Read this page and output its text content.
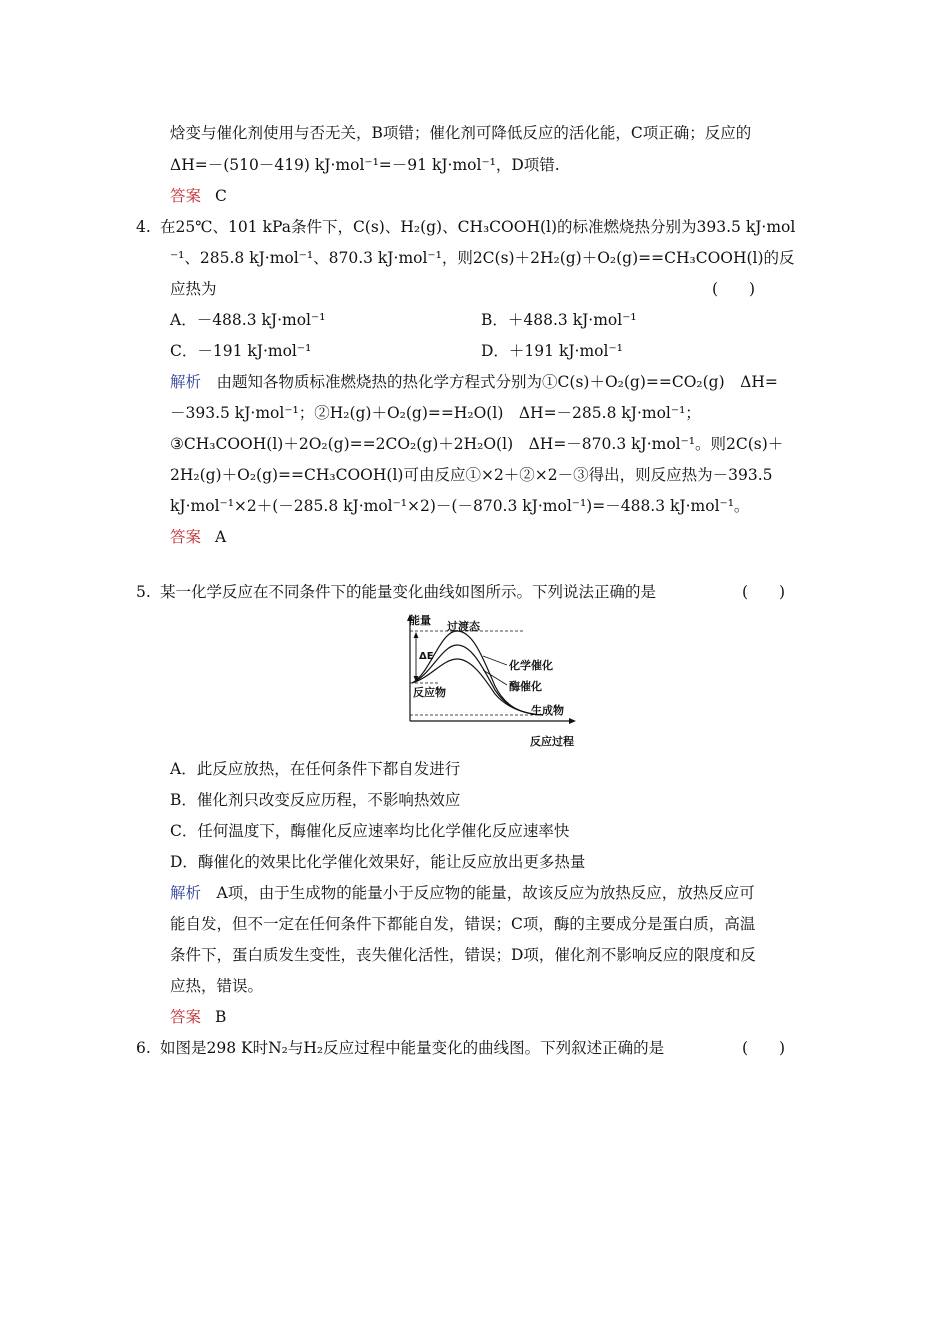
焓变与催化剂使用与否无关，B项错；催化剂可降低反应的活化能，C项正确；反应的
ΔH=－(510－419) kJ·mol⁻¹=－91 kJ·mol⁻¹，D项错.
答案 C
4. 在25℃、101 kPa条件下，C(s)、H₂(g)、CH₃COOH(l)的标准燃烧热分别为393.5 kJ·mol
⁻¹、285.8 kJ·mol⁻¹、870.3 kJ·mol⁻¹，则2C(s)＋2H₂(g)＋O₂(g)==CH₃COOH(l)的反
应热为	(　　)
A．－488.3 kJ·mol⁻¹	B．＋488.3 kJ·mol⁻¹
C．－191 kJ·mol⁻¹	D．＋191 kJ·mol⁻¹
解析　 由题知各物质标准燃烧热的热化学方程式分别为①C(s)＋O₂(g)==CO₂(g)　ΔH=
－393.5 kJ·mol⁻¹；②H₂(g)＋O₂(g)==H₂O(l)　ΔH=－285.8 kJ·mol⁻¹；
③CH₃COOH(l)＋2O₂(g)==2CO₂(g)＋2H₂O(l)　ΔH=－870.3 kJ·mol⁻¹。则2C(s)＋
2H₂(g)＋O₂(g)==CH₃COOH(l)可由反应①×2＋②×2－③得出，则反应热为－393.5
kJ·mol⁻¹×2＋(－285.8 kJ·mol⁻¹×2)－(－870.3 kJ·mol⁻¹)=－488.3 kJ·mol⁻¹。
答案 A
5. 某一化学反应在不同条件下的能量变化曲线如图所示。下列说法正确的是	(　　)
能量 过渡态
ΔE
化学催化
酶催化
反应物
生成物
反应过程
A．此反应放热，在任何条件下都自发进行
B．催化剂只改变反应历程，不影响热效应
C．任何温度下，酶催化反应速率均比化学催化反应速率快
D．酶催化的效果比化学催化效果好，能让反应放出更多热量
解析　 A项，由于生成物的能量小于反应物的能量，故该反应为放热反应，放热反应可
能自发，但不一定在任何条件下都能自发，错误；C项，酶的主要成分是蛋白质，高温
条件下，蛋白质发生变性，丧失催化活性，错误；D项，催化剂不影响反应的限度和反
应热，错误。
答案 B
6. 如图是298 K时N₂与H₂反应过程中能量变化的曲线图。下列叙述正确的是	(　　)
